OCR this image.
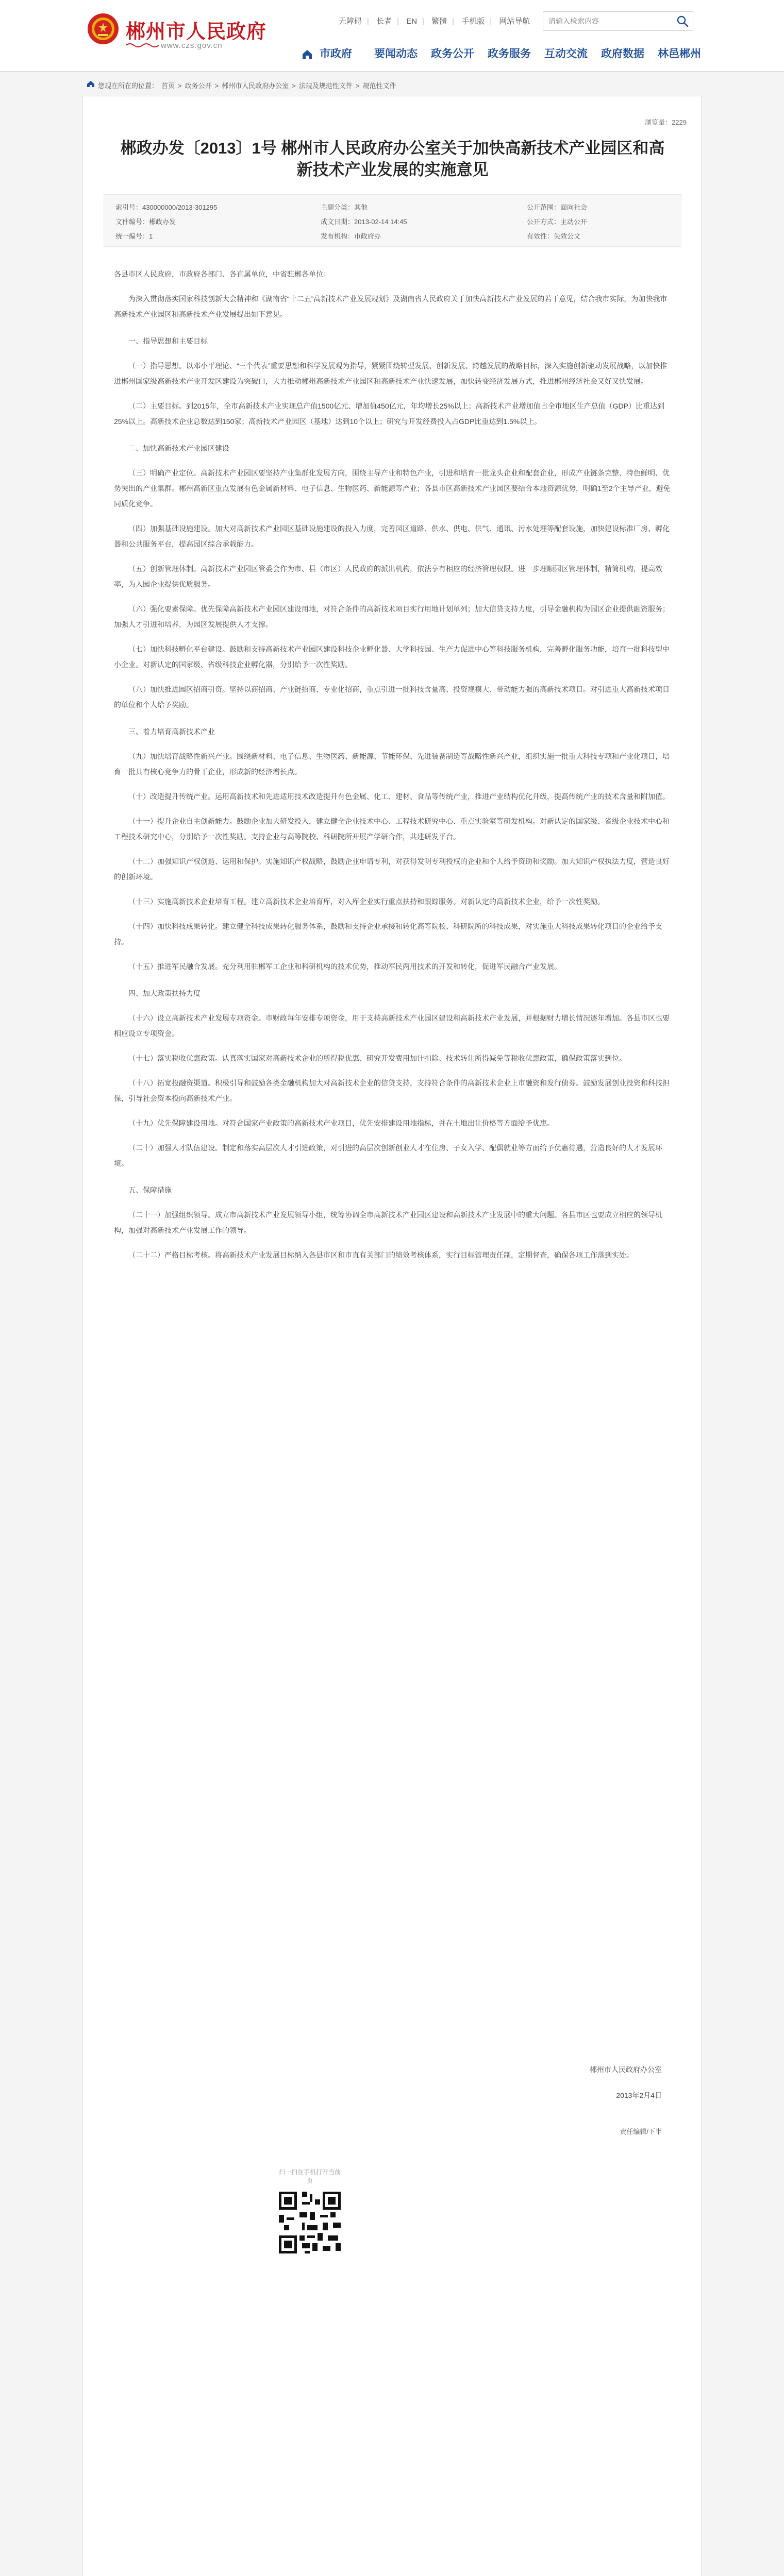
郴州市人民政府
www.czs.gov.cn
无障碍 | 长者 | EN | 繁體 | 手机版 | 网站导航
请输入检索内容
市政府 要闻动态 政务公开 政务服务 互动交流 政府数据 林邑郴州
您现在所在的位置： 首页 > 政务公开 > 郴州市人民政府办公室 > 法规及规范性文件 > 规范性文件
浏览量：2229
郴政办发〔2013〕1号 郴州市人民政府办公室关于加快高新技术产业园区和高新技术产业发展的实施意见
索引号：430000000/2013-301295	主题分类：其他	公开范围：面向社会
文件编号：郴政办发	成文日期：2013-02-14 14:45	公开方式：主动公开
统一编号：1	发布机构：市政府办	有效性：失效公文

各县市区人民政府，市政府各部门、各直属单位，中省驻郴各单位：

为深入贯彻落实国家科技创新大会精神和《湖南省“十二五”高新技术产业发展规划》及湖南省人民政府关于加快高新技术产业发展的若干意见，结合我市实际，为加快我市高新技术产业园区和高新技术产业发展提出如下意见。

一、指导思想和主要目标

（一）指导思想。以邓小平理论、“三个代表”重要思想和科学发展观为指导，紧紧围绕转型发展、创新发展、跨越发展的战略目标，深入实施创新驱动发展战略，以加快推进郴州国家级高新技术产业开发区建设为突破口，大力推动郴州高新技术产业园区和高新技术产业快速发展，加快转变经济发展方式，推进郴州经济社会又好又快发展。

（二）主要目标。到2015年，全市高新技术产业实现总产值1500亿元、增加值450亿元，年均增长25%以上；高新技术产业增加值占全市地区生产总值（GDP）比重达到25%以上。高新技术企业总数达到150家；高新技术产业园区（基地）达到10个以上；研究与开发经费投入占GDP比重达到1.5%以上。

二、加快高新技术产业园区建设

（三）明确产业定位。高新技术产业园区要坚持产业集群化发展方向，围绕主导产业和特色产业，引进和培育一批龙头企业和配套企业，形成产业链条完整、特色鲜明、优势突出的产业集群。郴州高新区重点发展有色金属新材料、电子信息、生物医药、新能源等产业；各县市区高新技术产业园区要结合本地资源优势，明确1至2个主导产业，避免同质化竞争。

（四）加强基础设施建设。加大对高新技术产业园区基础设施建设的投入力度，完善园区道路、供水、供电、供气、通讯、污水处理等配套设施，加快建设标准厂房、孵化器和公共服务平台，提高园区综合承载能力。

（五）创新管理体制。高新技术产业园区管委会作为市、县（市区）人民政府的派出机构，依法享有相应的经济管理权限。进一步理顺园区管理体制，精简机构，提高效率，为入园企业提供优质服务。

（六）强化要素保障。优先保障高新技术产业园区建设用地，对符合条件的高新技术项目实行用地计划单列；加大信贷支持力度，引导金融机构为园区企业提供融资服务；加强人才引进和培养，为园区发展提供人才支撑。

（七）加快科技孵化平台建设。鼓励和支持高新技术产业园区建设科技企业孵化器、大学科技园、生产力促进中心等科技服务机构，完善孵化服务功能，培育一批科技型中小企业。对新认定的国家级、省级科技企业孵化器，分别给予一次性奖励。

（八）加快推进园区招商引资。坚持以商招商、产业链招商、专业化招商，重点引进一批科技含量高、投资规模大、带动能力强的高新技术项目。对引进重大高新技术项目的单位和个人给予奖励。

三、着力培育高新技术产业

（九）加快培育战略性新兴产业。围绕新材料、电子信息、生物医药、新能源、节能环保、先进装备制造等战略性新兴产业，组织实施一批重大科技专项和产业化项目，培育一批具有核心竞争力的骨干企业，形成新的经济增长点。

（十）改造提升传统产业。运用高新技术和先进适用技术改造提升有色金属、化工、建材、食品等传统产业，推进产业结构优化升级，提高传统产业的技术含量和附加值。

（十一）提升企业自主创新能力。鼓励企业加大研发投入，建立健全企业技术中心、工程技术研究中心、重点实验室等研发机构。对新认定的国家级、省级企业技术中心和工程技术研究中心，分别给予一次性奖励。支持企业与高等院校、科研院所开展产学研合作，共建研发平台。

（十二）加强知识产权创造、运用和保护。实施知识产权战略，鼓励企业申请专利，对获得发明专利授权的企业和个人给予资助和奖励。加大知识产权执法力度，营造良好的创新环境。

（十三）实施高新技术企业培育工程。建立高新技术企业培育库，对入库企业实行重点扶持和跟踪服务。对新认定的高新技术企业，给予一次性奖励。

（十四）加快科技成果转化。建立健全科技成果转化服务体系，鼓励和支持企业承接和转化高等院校、科研院所的科技成果，对实施重大科技成果转化项目的企业给予支持。

（十五）推进军民融合发展。充分利用驻郴军工企业和科研机构的技术优势，推动军民两用技术的开发和转化，促进军民融合产业发展。

四、加大政策扶持力度

（十六）设立高新技术产业发展专项资金。市财政每年安排专项资金，用于支持高新技术产业园区建设和高新技术产业发展，并根据财力增长情况逐年增加。各县市区也要相应设立专项资金。

（十七）落实税收优惠政策。认真落实国家对高新技术企业的所得税优惠、研究开发费用加计扣除、技术转让所得减免等税收优惠政策，确保政策落实到位。

（十八）拓宽投融资渠道。积极引导和鼓励各类金融机构加大对高新技术企业的信贷支持，支持符合条件的高新技术企业上市融资和发行债券。鼓励发展创业投资和科技担保，引导社会资本投向高新技术产业。

（十九）优先保障建设用地。对符合国家产业政策的高新技术产业项目，优先安排建设用地指标，并在土地出让价格等方面给予优惠。

（二十）加强人才队伍建设。制定和落实高层次人才引进政策，对引进的高层次创新创业人才在住房、子女入学、配偶就业等方面给予优惠待遇，营造良好的人才发展环境。

五、保障措施

（二十一）加强组织领导。成立市高新技术产业发展领导小组，统筹协调全市高新技术产业园区建设和高新技术产业发展中的重大问题。各县市区也要成立相应的领导机构，加强对高新技术产业发展工作的领导。

（二十二）严格目标考核。将高新技术产业发展目标纳入各县市区和市直有关部门的绩效考核体系，实行目标管理责任制，定期督查，确保各项工作落到实处。

郴州市人民政府办公室
2013年2月4日
责任编辑/下半
扫一扫在手机打开当前页
